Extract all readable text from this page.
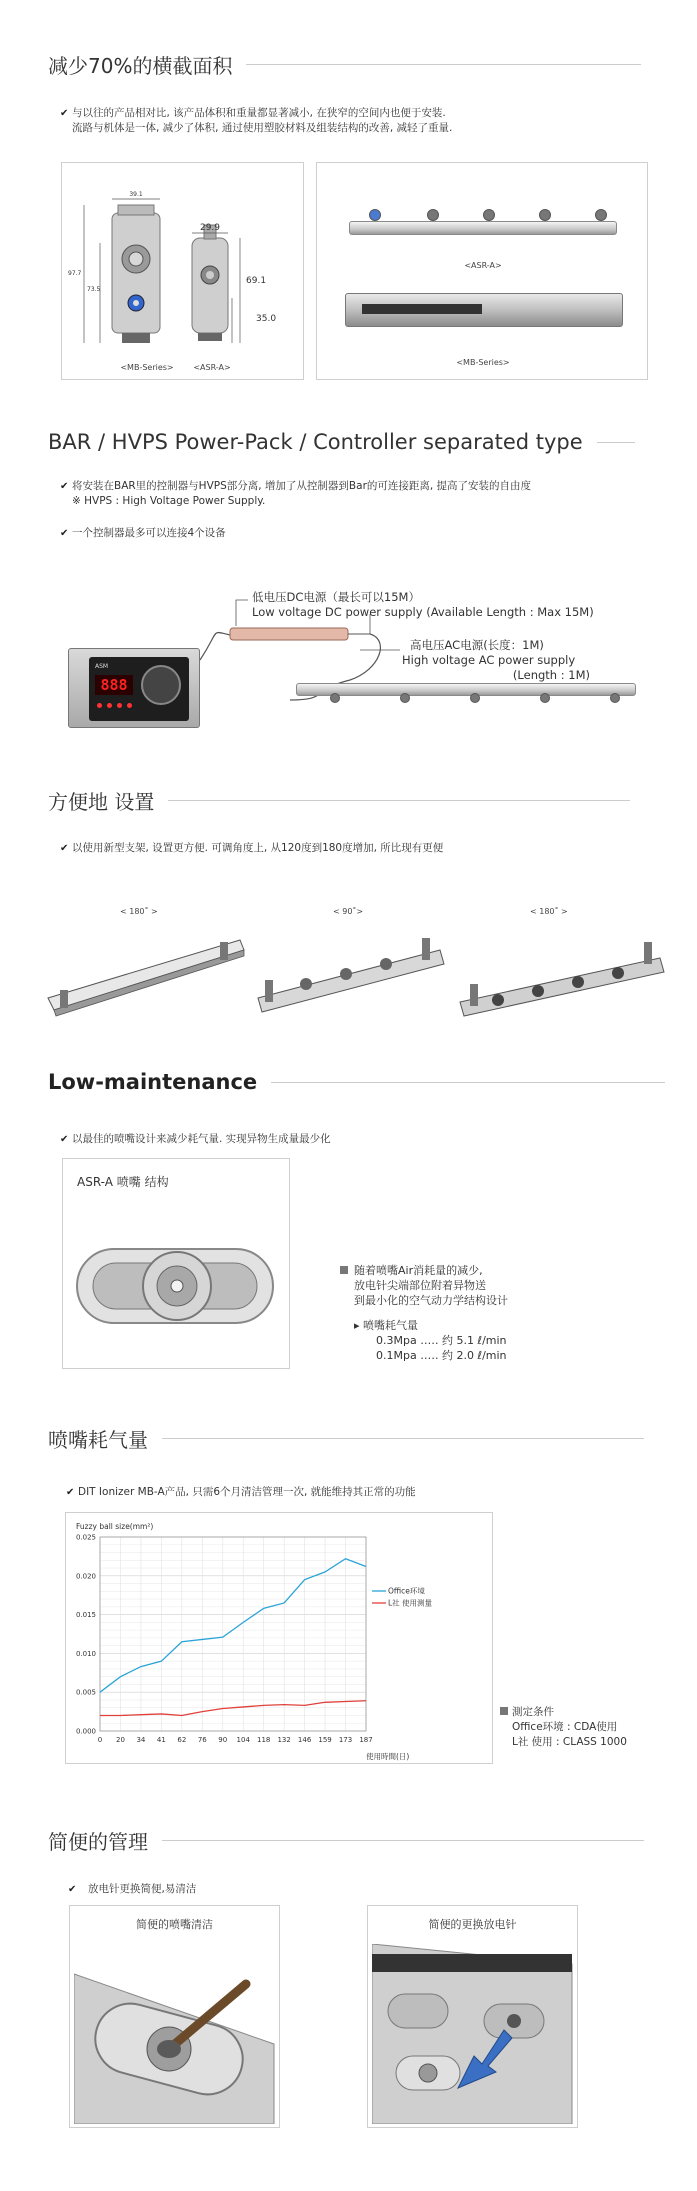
减少70%的横截面积
✔ 与以往的产品相对比, 该产品体积和重量都显著减小, 在狭窄的空间内也便于安装.
流路与机体是一体, 减少了体积, 通过使用塑胶材料及组装结构的改善, 减轻了重量.
39.1
97.7
73.5
29.9
69.1
35.0
<MB-Series> <ASR-A>
<ASR-A>
<MB-Series>
BAR / HVPS Power-Pack / Controller separated type
✔ 将安装在BAR里的控制器与HVPS部分离, 增加了从控制器到Bar的可连接距离, 提高了安装的自由度
※ HVPS : High Voltage Power Supply.
✔ 一个控制器最多可以连接4个设备
ASM
888
低电压DC电源（最长可以15M）
Low voltage DC power supply (Available Length : Max 15M)
高电压AC电源(长度：1M)
High voltage AC power supply
(Length : 1M)
方便地 设置
✔ 以使用新型支架, 设置更方便. 可调角度上, 从120度到180度增加, 所比现有更便
< 180˚ >	< 90˚>	< 180˚ >
Low-maintenance
✔ 以最佳的喷嘴设计来减少耗气量. 实现异物生成量最少化
ASR-A 喷嘴 结构
随着喷嘴Air消耗量的减少,
放电针尖端部位附着异物送
到最小化的空气动力学结构设计
▸ 喷嘴耗气量
0.3Mpa …‥ 约 5.1 ℓ/min
0.1Mpa …‥ 约 2.0 ℓ/min
喷嘴耗气量
✔ DIT Ionizer MB-A产品, 只需6个月清洁管理一次, 就能维持其正常的功能
Fuzzy ball size(mm²)
0.000
0.005
0.010
0.015
0.020
0.025
0 20 34 41 62 76 90 104 118 132 146 159 173 187
Office环境
L社 使用测量
使用時間(日)
測定条件
Office环境 : CDA使用
L社 使用 : CLASS 1000
简便的管理
✔ 放电针更换简便,易清洁
简便的喷嘴清洁	简便的更换放电针
